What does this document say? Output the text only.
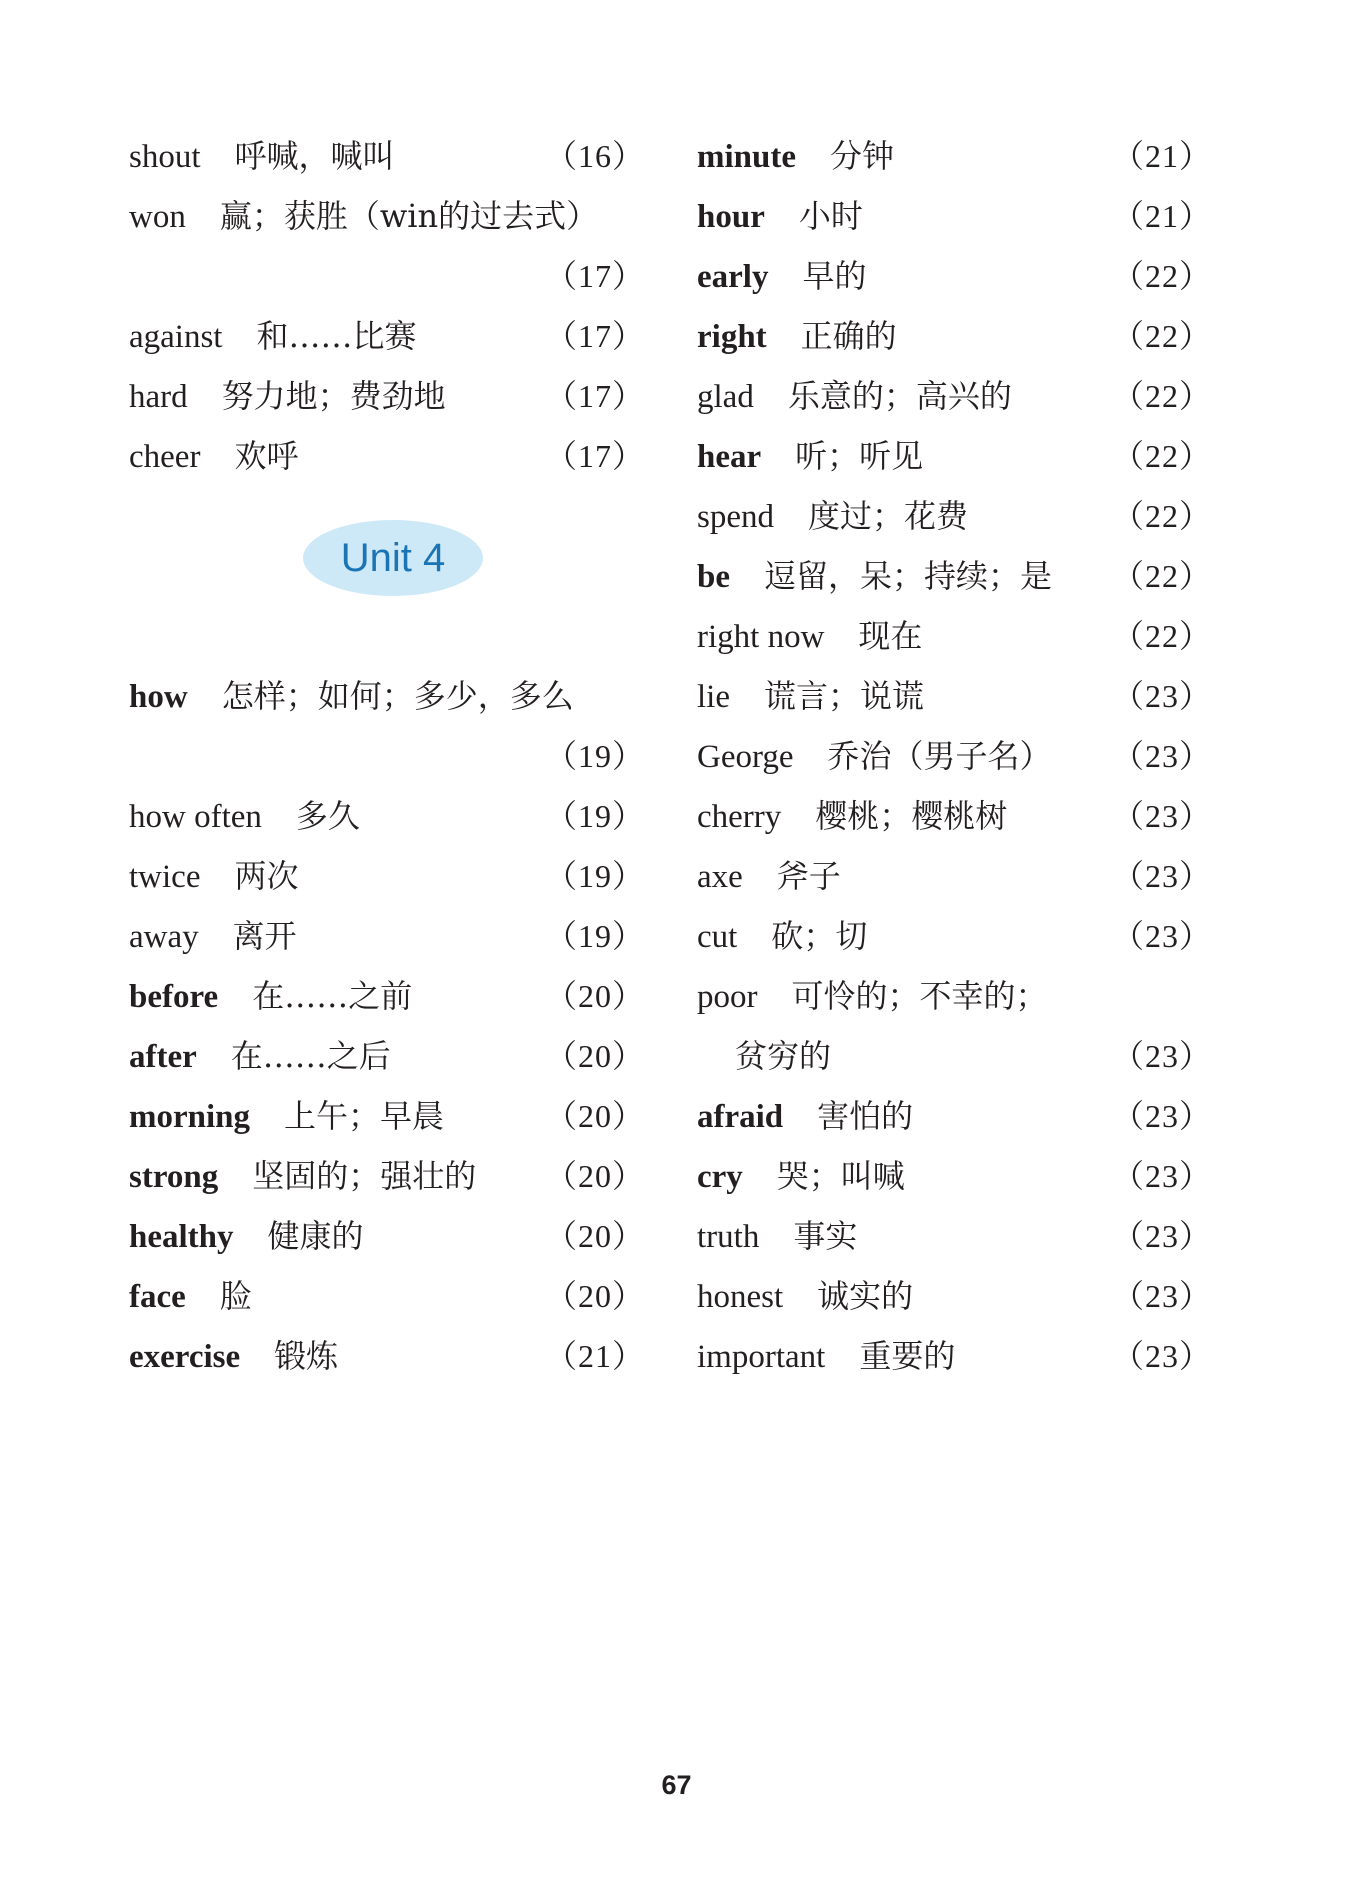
shout 呼喊，喊叫	（ 16 ）
won 赢；获胜（win的过去式）
（ 17 ）
against 和……比赛	（ 17 ）
hard 努力地；费劲地	（ 17 ）
cheer 欢呼	（ 17 ）
Unit 4
how 怎样；如何；多少，多么
（ 19 ）
how often 多久	（ 19 ）
twice 两次	（ 19 ）
away 离开	（ 19 ）
before 在……之前	（ 20 ）
after 在……之后	（ 20 ）
morning 上午；早晨	（ 20 ）
strong 坚固的；强壮的	（ 20 ）
healthy 健康的	（ 20 ）
face 脸	（ 20 ）
exercise 锻炼	（ 21 ）
minute 分钟	（ 21 ）
hour 小时	（ 21 ）
early 早的	（ 22 ）
right 正确的	（ 22 ）
glad 乐意的；高兴的	（ 22 ）
hear 听；听见	（ 22 ）
spend 度过；花费	（ 22 ）
be 逗留，呆；持续；是	（ 22 ）
right now 现在	（ 22 ）
lie 谎言；说谎	（ 23 ）
George 乔治（男子名）	（ 23 ）
cherry 樱桃；樱桃树	（ 23 ）
axe 斧子	（ 23 ）
cut 砍；切	（ 23 ）
poor 可怜的；不幸的；
贫穷的	（ 23 ）
afraid 害怕的	（ 23 ）
cry 哭；叫喊	（ 23 ）
truth 事实	（ 23 ）
honest 诚实的	（ 23 ）
important 重要的	（ 23 ）
67
